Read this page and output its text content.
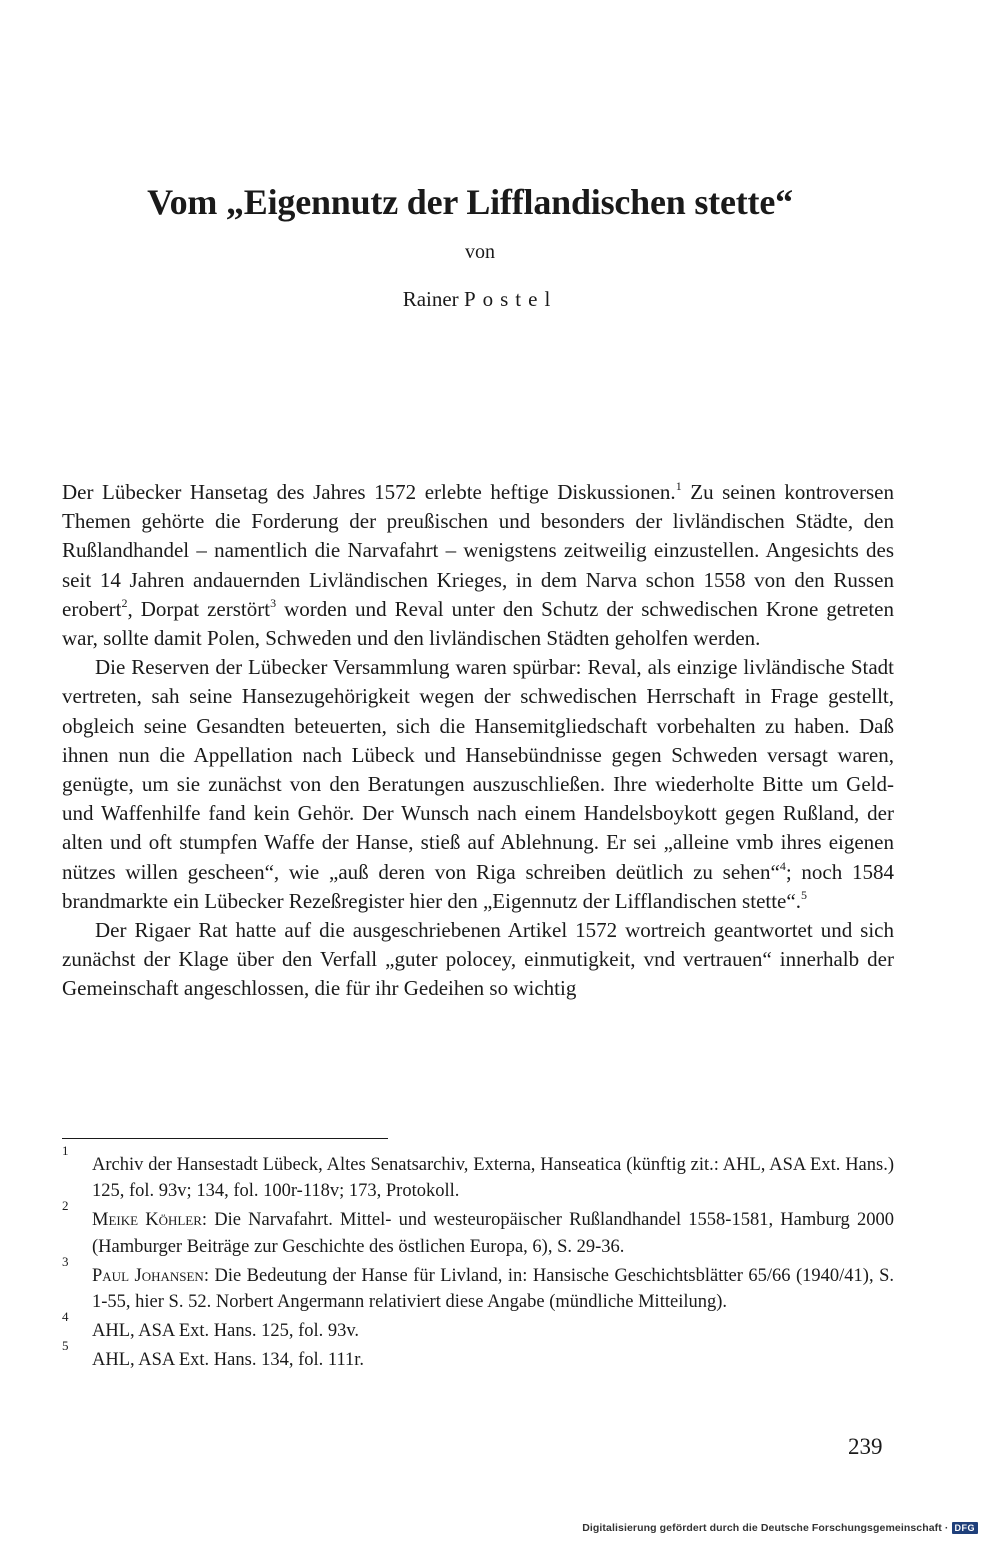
Vom „Eigennutz der Lifflandischen stette“
von
Rainer Postel

Der Lübecker Hansetag des Jahres 1572 erlebte heftige Diskussionen.$^1$ Zu seinen kontroversen Themen gehörte die Forderung der preußischen und besonders der livländischen Städte, den Rußlandhandel – namentlich die Narvafahrt – wenigstens zeitweilig einzustellen. Angesichts des seit 14 Jahren andauernden Livländischen Krieges, in dem Narva schon 1558 von den Russen erobert$^2$, Dorpat zerstört$^3$ worden und Reval unter den Schutz der schwedischen Krone getreten war, sollte damit Polen, Schweden und den livländischen Städten geholfen werden.

Die Reserven der Lübecker Versammlung waren spürbar: Reval, als einzige livländische Stadt vertreten, sah seine Hansezugehörigkeit wegen der schwedischen Herrschaft in Frage gestellt, obgleich seine Gesandten beteuerten, sich die Hansemitgliedschaft vorbehalten zu haben. Daß ihnen nun die Appellation nach Lübeck und Hansebündnisse gegen Schweden versagt waren, genügte, um sie zunächst von den Beratungen auszuschließen. Ihre wiederholte Bitte um Geld- und Waffenhilfe fand kein Gehör. Der Wunsch nach einem Handelsboykott gegen Rußland, der alten und oft stumpfen Waffe der Hanse, stieß auf Ablehnung. Er sei „alleine vmb ihres eigenen nützes willen gescheen“, wie „auß deren von Riga schreiben deütlich zu sehen“$^4$; noch 1584 brandmarkte ein Lübecker Rezeßregister hier den „Eigennutz der Lifflandischen stette“.$^5$

Der Rigaer Rat hatte auf die ausgeschriebenen Artikel 1572 wortreich geantwortet und sich zunächst der Klage über den Verfall „guter polocey, einmutigkeit, vnd vertrauen“ innerhalb der Gemeinschaft angeschlossen, die für ihr Gedeihen so wichtig

1
Archiv der Hansestadt Lübeck, Altes Senatsarchiv, Externa, Hanseatica (künftig zit.: AHL, ASA Ext. Hans.) 125, fol. 93v; 134, fol. 100r-118v; 173, Protokoll.
2
Meike Köhler: Die Narvafahrt. Mittel- und westeuropäischer Rußlandhandel 1558-1581, Hamburg 2000 (Hamburger Beiträge zur Geschichte des östlichen Europa, 6), S. 29-36.
3
Paul Johansen: Die Bedeutung der Hanse für Livland, in: Hansische Geschichtsblätter 65/66 (1940/41), S. 1-55, hier S. 52. Norbert Angermann relativiert diese Angabe (mündliche Mitteilung).
4
AHL, ASA Ext. Hans. 125, fol. 93v.
5
AHL, ASA Ext. Hans. 134, fol. 111r.
239
Digitalisierung gefördert durch die Deutsche Forschungsgemeinschaft · DFG
